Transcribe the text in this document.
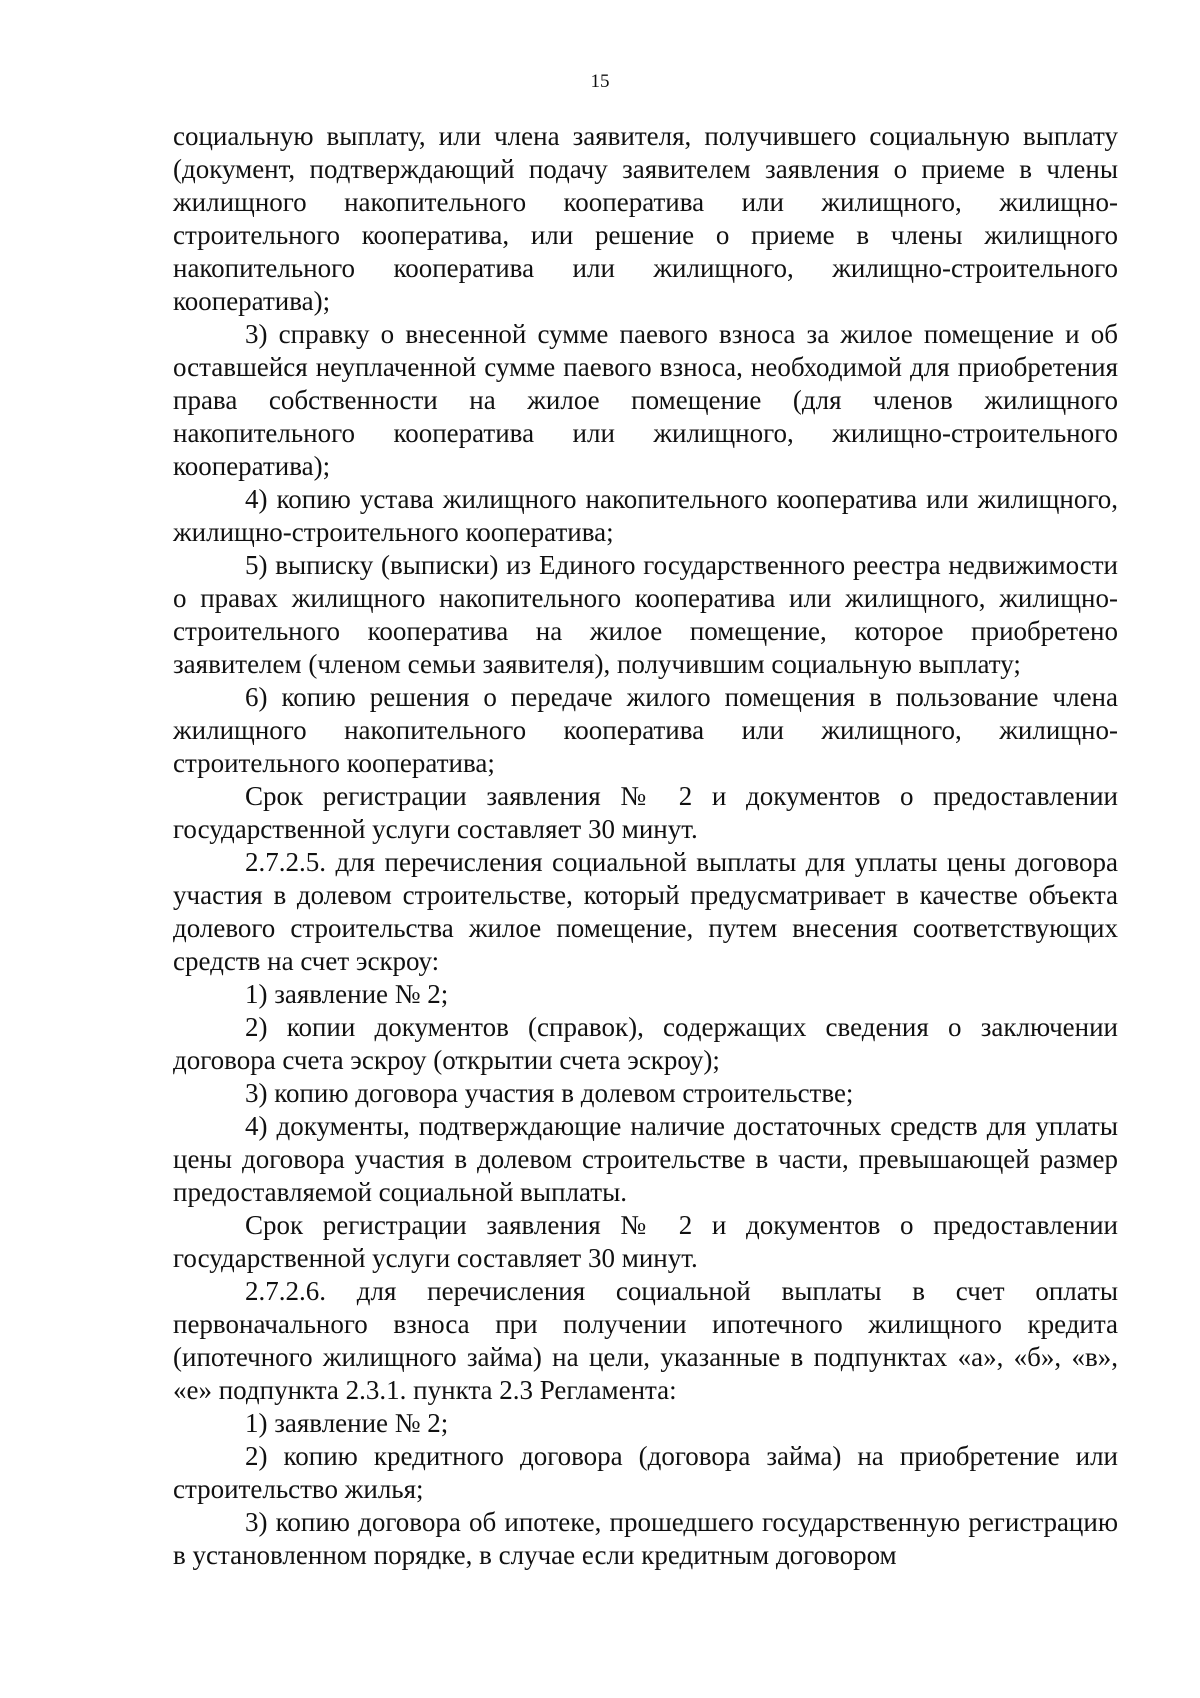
15

социальную выплату, или члена заявителя, получившего социальную выплату (документ, подтверждающий подачу заявителем заявления о приеме в члены жилищного накопительного кооператива или жилищного, жилищно-строительного кооператива, или решение о приеме в члены жилищного накопительного кооператива или жилищного, жилищно-строительного кооператива);

3) справку о внесенной сумме паевого взноса за жилое помещение и об оставшейся неуплаченной сумме паевого взноса, необходимой для приобретения права собственности на жилое помещение (для членов жилищного накопительного кооператива или жилищного, жилищно-строительного кооператива);

4) копию устава жилищного накопительного кооператива или жилищного, жилищно-строительного кооператива;

5) выписку (выписки) из Единого государственного реестра недвижимости о правах жилищного накопительного кооператива или жилищного, жилищно-строительного кооператива на жилое помещение, которое приобретено заявителем (членом семьи заявителя), получившим социальную выплату;

6) копию решения о передаче жилого помещения в пользование члена жилищного накопительного кооператива или жилищного, жилищно-строительного кооператива;

Срок регистрации заявления № 2 и документов о предоставлении государственной услуги составляет 30 минут.

2.7.2.5. для перечисления социальной выплаты для уплаты цены договора участия в долевом строительстве, который предусматривает в качестве объекта долевого строительства жилое помещение, путем внесения соответствующих средств на счет эскроу:

1) заявление № 2;

2) копии документов (справок), содержащих сведения о заключении договора счета эскроу (открытии счета эскроу);

3) копию договора участия в долевом строительстве;

4) документы, подтверждающие наличие достаточных средств для уплаты цены договора участия в долевом строительстве в части, превышающей размер предоставляемой социальной выплаты.

Срок регистрации заявления № 2 и документов о предоставлении государственной услуги составляет 30 минут.

2.7.2.6. для перечисления социальной выплаты в счет оплаты первоначального взноса при получении ипотечного жилищного кредита (ипотечного жилищного займа) на цели, указанные в подпунктах «а», «б», «в», «е» подпункта 2.3.1. пункта 2.3 Регламента:

1) заявление № 2;

2) копию кредитного договора (договора займа) на приобретение или строительство жилья;

3) копию договора об ипотеке, прошедшего государственную регистрацию в установленном порядке, в случае если кредитным договором
